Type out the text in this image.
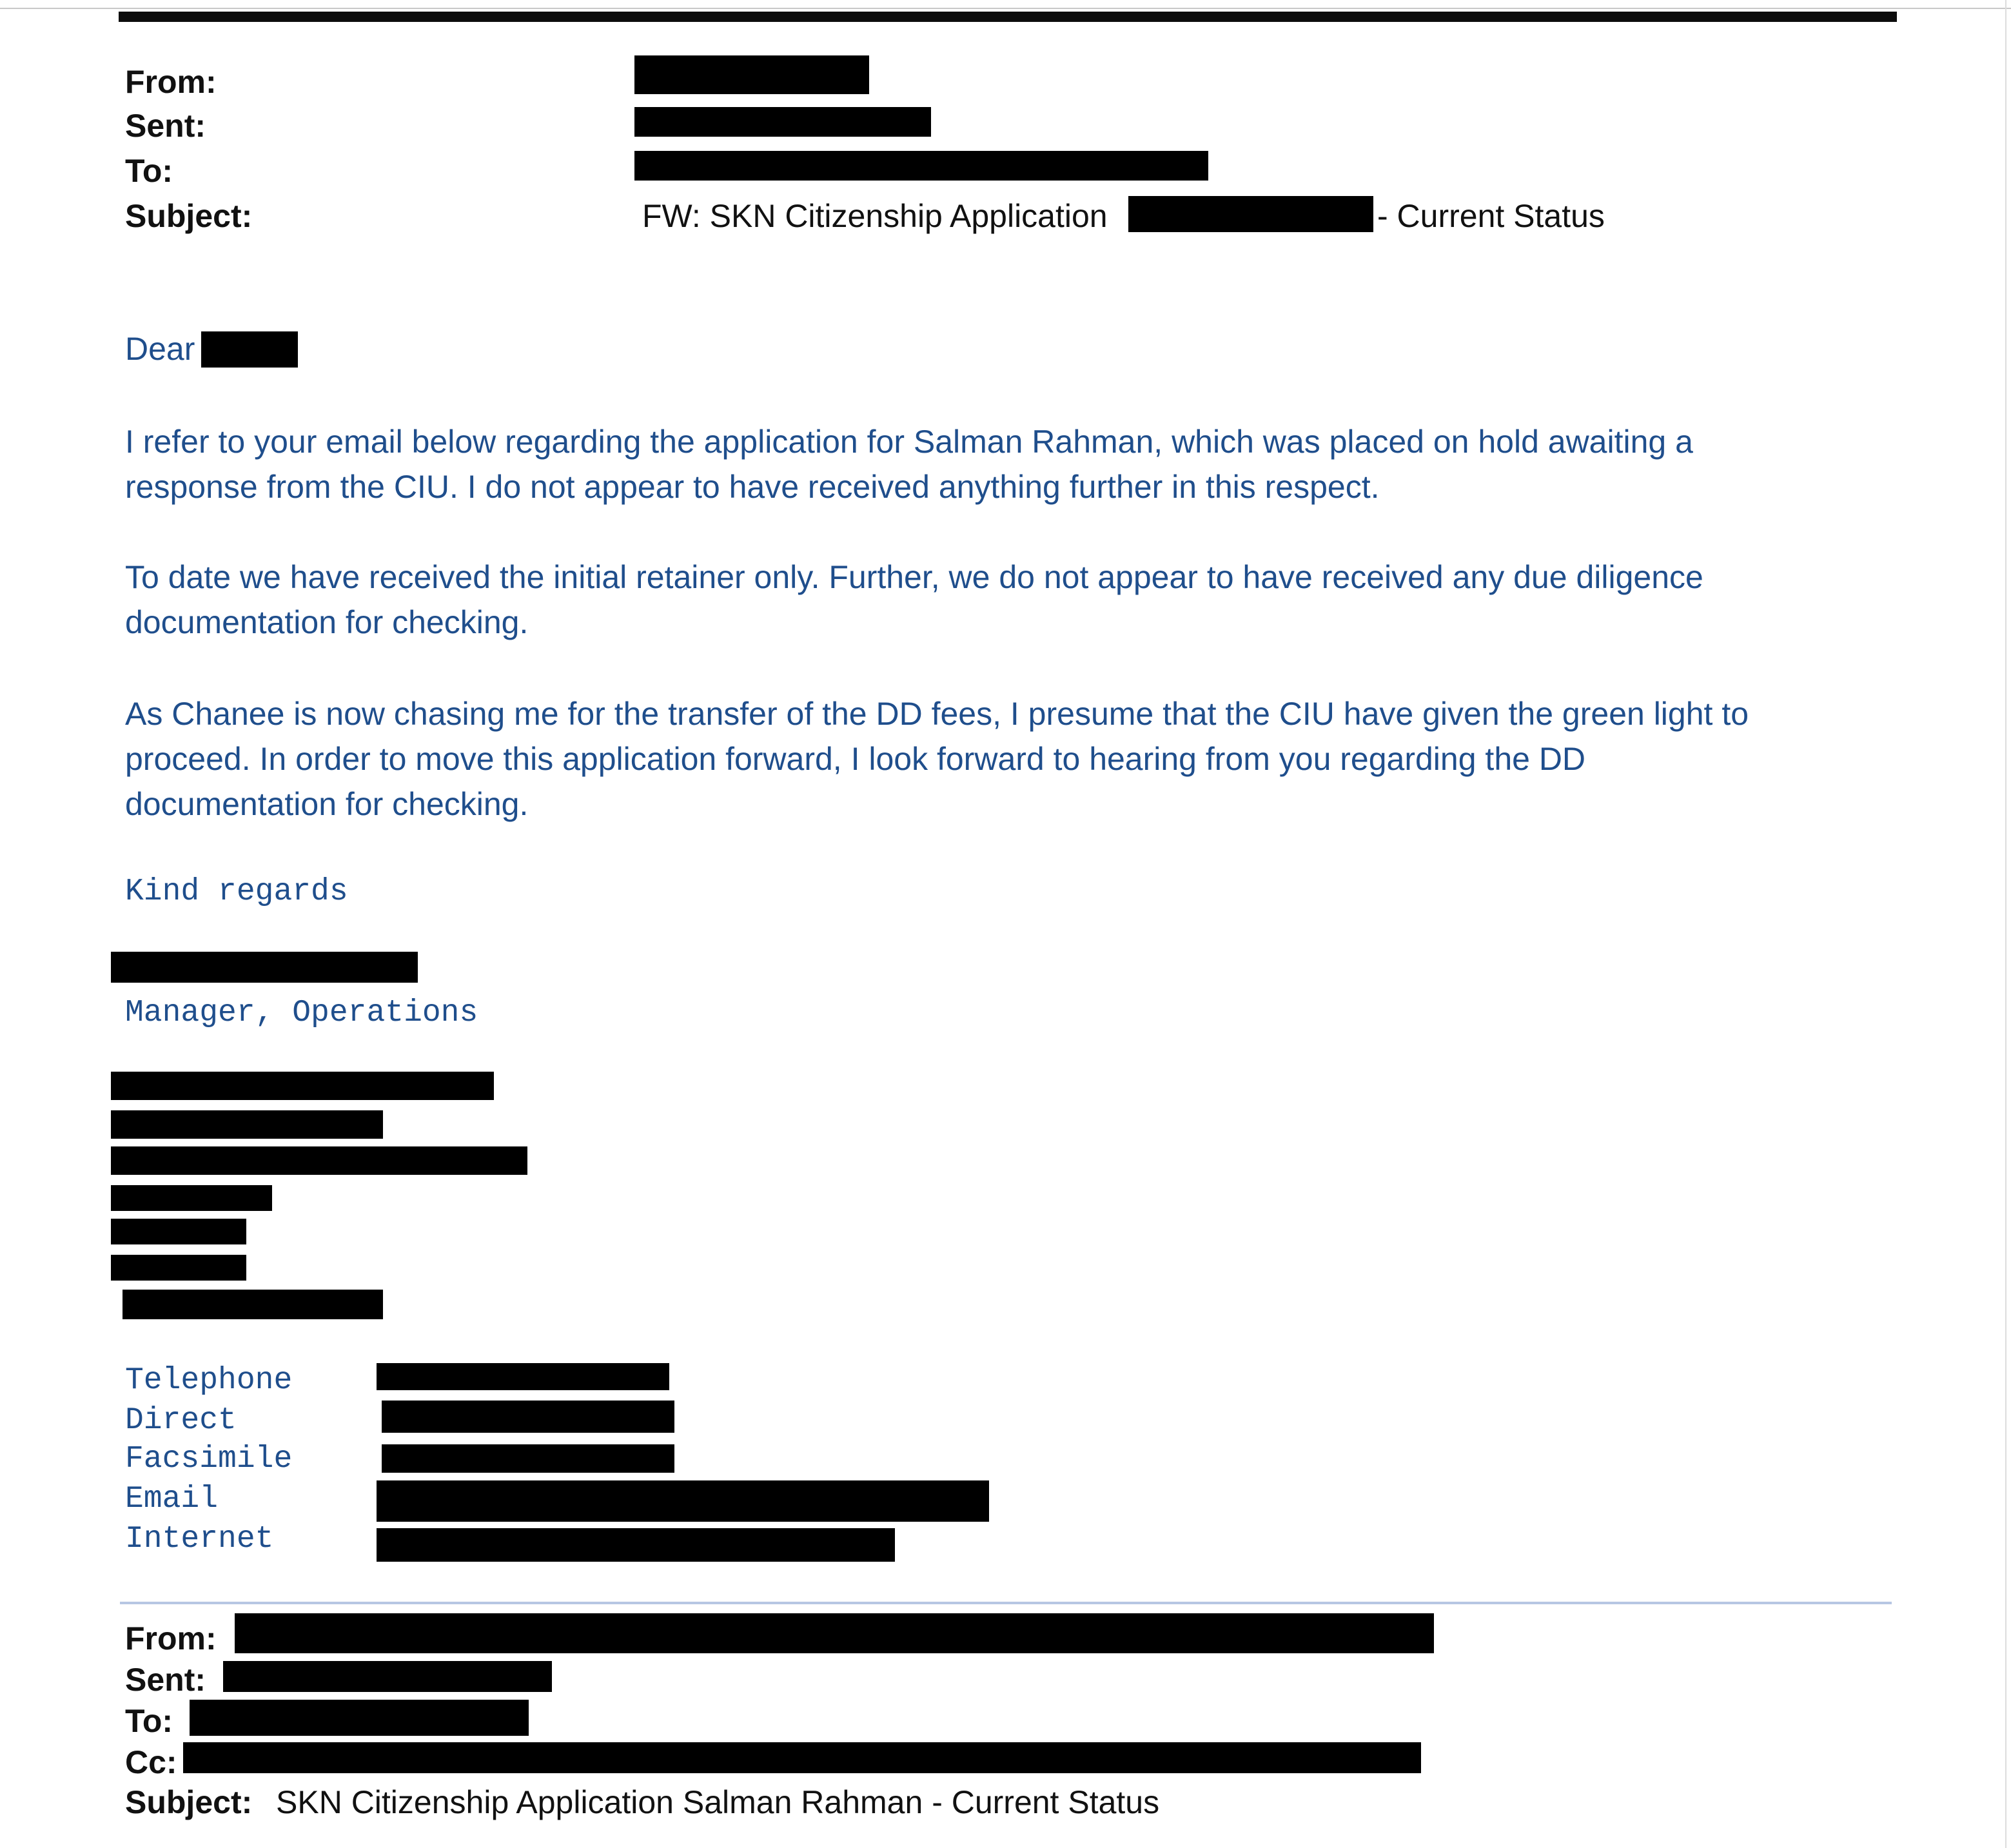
From:
Sent:
To:
Subject:	FW: SKN Citizenship Application	- Current Status
Dear
I refer to your email below regarding the application for Salman Rahman, which was placed on hold awaiting a
response from the CIU. I do not appear to have received anything further in this respect.
To date we have received the initial retainer only. Further, we do not appear to have received any due diligence
documentation for checking.
As Chanee is now chasing me for the transfer of the DD fees, I presume that the CIU have given the green light to
proceed. In order to move this application forward, I look forward to hearing from you regarding the DD
documentation for checking.
Kind regards
Manager, Operations
Telephone
Direct
Facsimile
Email
Internet
From:
Sent:
To:
Cc:
Subject: SKN Citizenship Application Salman Rahman - Current Status
